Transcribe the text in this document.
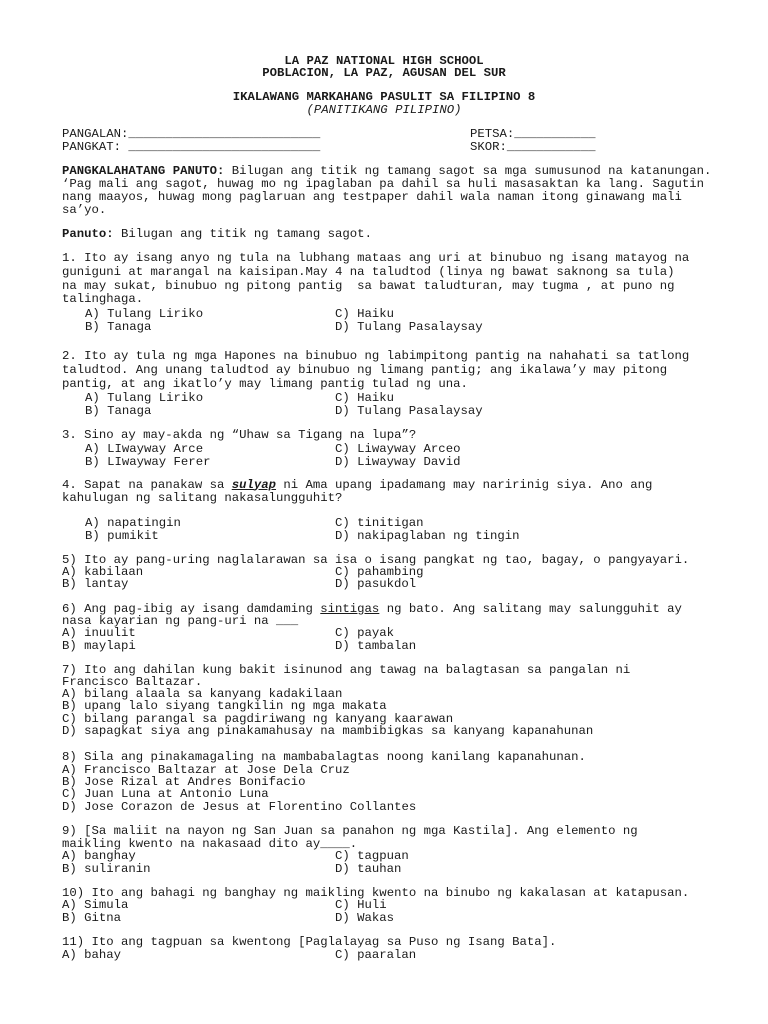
LA PAZ NATIONAL HIGH SCHOOL
POBLACION, LA PAZ, AGUSAN DEL SUR
IKALAWANG MARKAHANG PASULIT SA FILIPINO 8
(PANITIKANG PILIPINO)
PANGALAN:__________________________
PANGKAT: __________________________
PETSA:___________
SKOR:____________
PANGKALAHATANG PANUTO: Bilugan ang titik ng tamang sagot sa mga sumusunod na katanungan.
‘Pag mali ang sagot, huwag mo ng ipaglaban pa dahil sa huli masasaktan ka lang. Sagutin
nang maayos, huwag mong paglaruan ang testpaper dahil wala naman itong ginawang mali
sa’yo.
Panuto: Bilugan ang titik ng tamang sagot.
1. Ito ay isang anyo ng tula na lubhang mataas ang uri at binubuo ng isang matayog na
guniguni at marangal na kaisipan.May 4 na taludtod (linya ng bawat saknong sa tula)
na may sukat, binubuo ng pitong pantig  sa bawat taludturan, may tugma , at puno ng
talinghaga.
A) Tulang Liriko	C) Haiku
B) Tanaga	D) Tulang Pasalaysay
2. Ito ay tula ng mga Hapones na binubuo ng labimpitong pantig na nahahati sa tatlong
taludtod. Ang unang taludtod ay binubuo ng limang pantig; ang ikalawa’y may pitong
pantig, at ang ikatlo’y may limang pantig tulad ng una.
A) Tulang Liriko	C) Haiku
B) Tanaga	D) Tulang Pasalaysay
3. Sino ay may-akda ng “Uhaw sa Tigang na lupa”?
A) LIwayway Arce	C) Liwayway Arceo
B) LIwayway Ferer	D) Liwayway David
4. Sapat na panakaw sa sulyap ni Ama upang ipadamang may naririnig siya. Ano ang
kahulugan ng salitang nakasalungguhit?
A) napatingin	C) tinitigan
B) pumikit	D) nakipaglaban ng tingin
5) Ito ay pang-uring naglalarawan sa isa o isang pangkat ng tao, bagay, o pangyayari.
A) kabilaan	C) pahambing
B) lantay	D) pasukdol
6) Ang pag-ibig ay isang damdaming sintigas ng bato. Ang salitang may salungguhit ay
nasa kayarian ng pang-uri na ___
A) inuulit	C) payak
B) maylapi	D) tambalan
7) Ito ang dahilan kung bakit isinunod ang tawag na balagtasan sa pangalan ni
Francisco Baltazar.
A) bilang alaala sa kanyang kadakilaan
B) upang lalo siyang tangkilin ng mga makata
C) bilang parangal sa pagdiriwang ng kanyang kaarawan
D) sapagkat siya ang pinakamahusay na mambibigkas sa kanyang kapanahunan
8) Sila ang pinakamagaling na mambabalagtas noong kanilang kapanahunan.
A) Francisco Baltazar at Jose Dela Cruz
B) Jose Rizal at Andres Bonifacio
C) Juan Luna at Antonio Luna
D) Jose Corazon de Jesus at Florentino Collantes
9) [Sa maliit na nayon ng San Juan sa panahon ng mga Kastila]. Ang elemento ng
maikling kwento na nakasaad dito ay____.
A) banghay	C) tagpuan
B) suliranin	D) tauhan
10) Ito ang bahagi ng banghay ng maikling kwento na binubo ng kakalasan at katapusan.
A) Simula	C) Huli
B) Gitna	D) Wakas
11) Ito ang tagpuan sa kwentong [Paglalayag sa Puso ng Isang Bata].
A) bahay	C) paaralan
